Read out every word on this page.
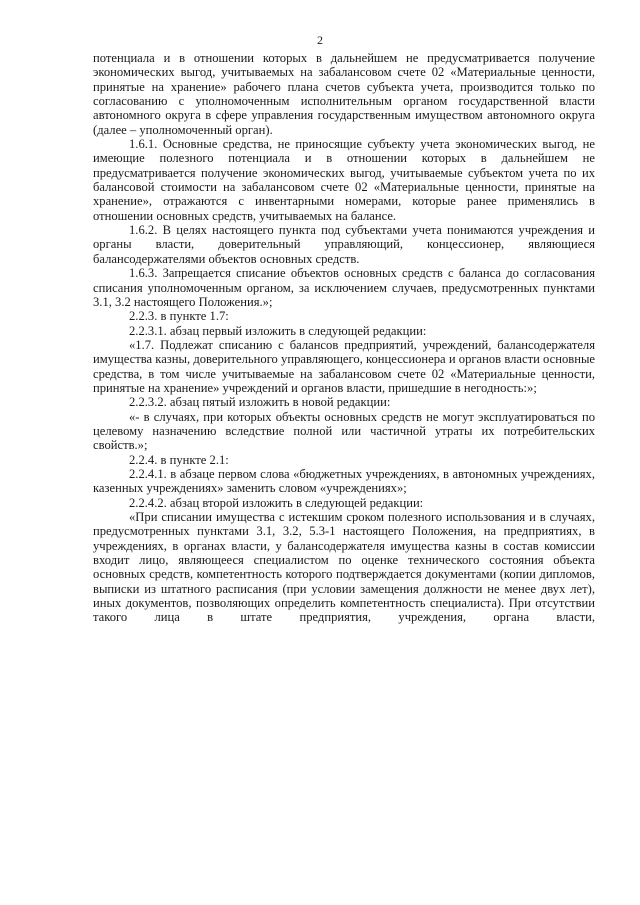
2

потенциала и в отношении которых в дальнейшем не предусматривается получение экономических выгод, учитываемых на забалансовом счете 02 «Материальные ценности, принятые на хранение» рабочего плана счетов субъекта учета, производится только по согласованию с уполномоченным исполнительным органом государственной власти автономного округа в сфере управления государственным имуществом автономного округа (далее – уполномоченный орган).

1.6.1. Основные средства, не приносящие субъекту учета экономических выгод, не имеющие полезного потенциала и в отношении которых в дальнейшем не предусматривается получение экономических выгод, учитываемые субъектом учета по их балансовой стоимости на забалансовом счете 02 «Материальные ценности, принятые на хранение», отражаются с инвентарными номерами, которые ранее применялись в отношении основных средств, учитываемых на балансе.

1.6.2. В целях настоящего пункта под субъектами учета понимаются учреждения и органы власти, доверительный управляющий, концессионер, являющиеся балансодержателями объектов основных средств.

1.6.3. Запрещается списание объектов основных средств с баланса до согласования списания уполномоченным органом, за исключением случаев, предусмотренных пунктами 3.1, 3.2 настоящего Положения.»;

2.2.3. в пункте 1.7:

2.2.3.1. абзац первый изложить в следующей редакции:

«1.7. Подлежат списанию с балансов предприятий, учреждений, балансодержателя имущества казны, доверительного управляющего, концессионера и органов власти основные средства, в том числе учитываемые на забалансовом счете 02 «Материальные ценности, принятые на хранение» учреждений и органов власти, пришедшие в негодность:»;

2.2.3.2. абзац пятый изложить в новой редакции:

«- в случаях, при которых объекты основных средств не могут эксплуатироваться по целевому назначению вследствие полной или частичной утраты их потребительских свойств.»;

2.2.4. в пункте 2.1:

2.2.4.1. в абзаце первом слова «бюджетных учреждениях, в автономных учреждениях, казенных учреждениях» заменить словом «учреждениях»;

2.2.4.2. абзац второй изложить в следующей редакции:

«При списании имущества с истекшим сроком полезного использования и в случаях, предусмотренных пунктами 3.1, 3.2, 5.3-1 настоящего Положения, на предприятиях, в учреждениях, в органах власти, у балансодержателя имущества казны в состав комиссии входит лицо, являющееся специалистом по оценке технического состояния объекта основных средств, компетентность которого подтверждается документами (копии дипломов, выписки из штатного расписания (при условии замещения должности не менее двух лет), иных документов, позволяющих определить компетентность специалиста). При отсутствии такого лица в штате предприятия, учреждения, органа власти,
